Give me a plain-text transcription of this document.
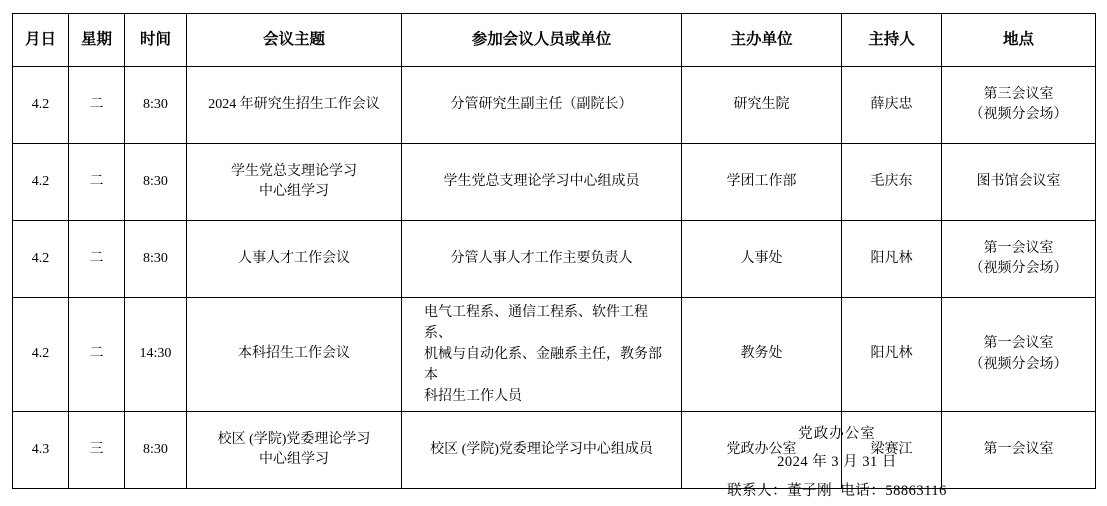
月日	星期	时间	会议主题	参加会议人员或单位	主办单位	主持人	地点
4.2	二	8:30	2024 年研究生招生工作会议	分管研究生副主任（副院长）	研究生院	薛庆忠	第三会议室
（视频分会场）
4.2	二	8:30	学生党总支理论学习
中心组学习	学生党总支理论学习中心组成员	学团工作部	毛庆东	图书馆会议室
4.2	二	8:30	人事人才工作会议	分管人事人才工作主要负责人	人事处	阳凡林	第一会议室
（视频分会场）
4.2	二	14:30	本科招生工作会议	电气工程系、通信工程系、软件工程系、
机械与自动化系、金融系主任，教务部本
科招生工作人员	教务处	阳凡林	第一会议室
（视频分会场）
4.3	三	8:30	校区 (学院)党委理论学习
中心组学习	校区 (学院)党委理论学习中心组成员	党政办公室	梁赛江	第一会议室
党政办公室
2024 年 3 月 31 日
联系人：董子刚  电话：58863116
